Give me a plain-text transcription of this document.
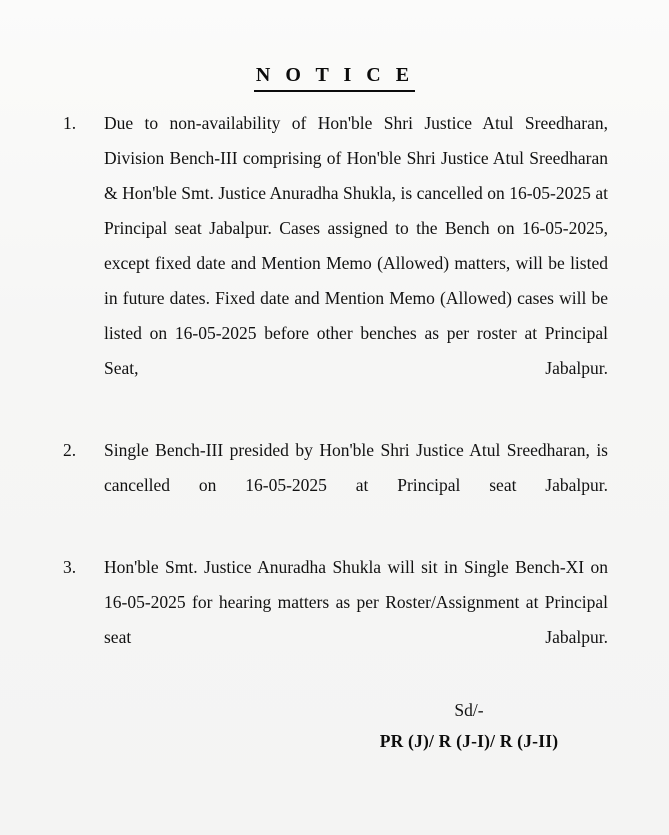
N O T I C E
1.	Due to non-availability of Hon'ble Shri Justice Atul Sreedharan, Division Bench-III comprising of Hon'ble Shri Justice Atul Sreedharan & Hon'ble Smt. Justice Anuradha Shukla, is cancelled on 16-05-2025 at Principal seat Jabalpur. Cases assigned to the Bench on 16-05-2025, except fixed date and Mention Memo (Allowed) matters, will be listed in future dates. Fixed date and Mention Memo (Allowed) cases will be listed on 16-05-2025 before other benches as per roster at Principal Seat, Jabalpur.
2.	Single Bench-III presided by Hon'ble Shri Justice Atul Sreedharan, is cancelled on 16-05-2025 at Principal seat Jabalpur.
3.	Hon'ble Smt. Justice Anuradha Shukla will sit in Single Bench-XI on 16-05-2025 for hearing matters as per Roster/Assignment at Principal seat Jabalpur.
Sd/-
PR (J)/ R (J-I)/ R (J-II)
